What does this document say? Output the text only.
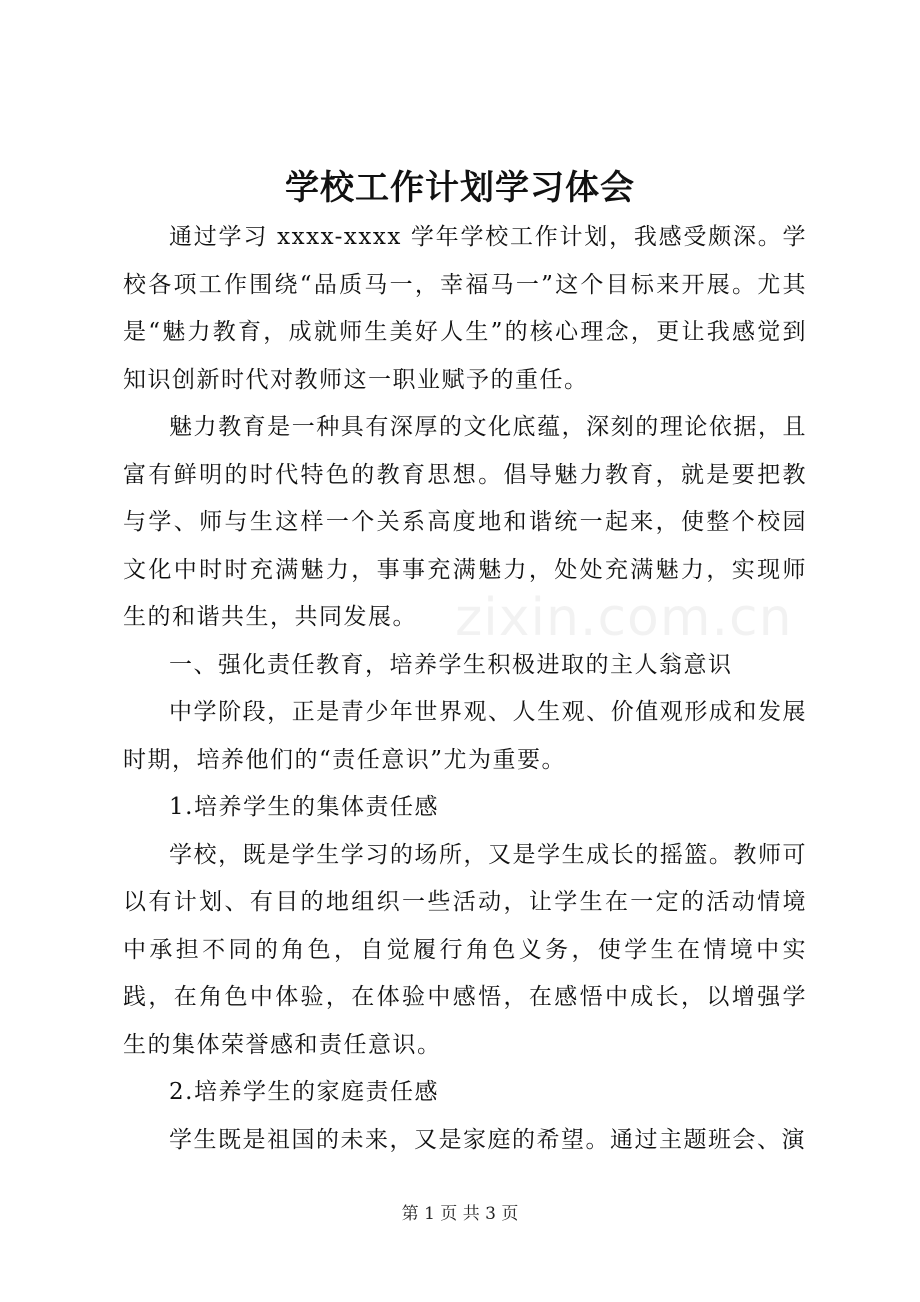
学校工作计划学习体会

通过学习 xxxx-xxxx 学年学校工作计划，我感受颇深。学校各项工作围绕“品质马一，幸福马一”这个目标来开展。尤其是“魅力教育，成就师生美好人生”的核心理念，更让我感觉到知识创新时代对教师这一职业赋予的重任。

魅力教育是一种具有深厚的文化底蕴，深刻的理论依据，且富有鲜明的时代特色的教育思想。倡导魅力教育，就是要把教与学、师与生这样一个关系高度地和谐统一起来，使整个校园文化中时时充满魅力，事事充满魅力，处处充满魅力，实现师生的和谐共生，共同发展。

一、强化责任教育，培养学生积极进取的主人翁意识

中学阶段，正是青少年世界观、人生观、价值观形成和发展时期，培养他们的“责任意识”尤为重要。

1.培养学生的集体责任感

学校，既是学生学习的场所，又是学生成长的摇篮。教师可以有计划、有目的地组织一些活动，让学生在一定的活动情境中承担不同的角色，自觉履行角色义务，使学生在情境中实践，在角色中体验，在体验中感悟，在感悟中成长，以增强学生的集体荣誉感和责任意识。

2.培养学生的家庭责任感

学生既是祖国的未来，又是家庭的希望。通过主题班会、演

zixin.com.cn
第 1 页 共 3 页
